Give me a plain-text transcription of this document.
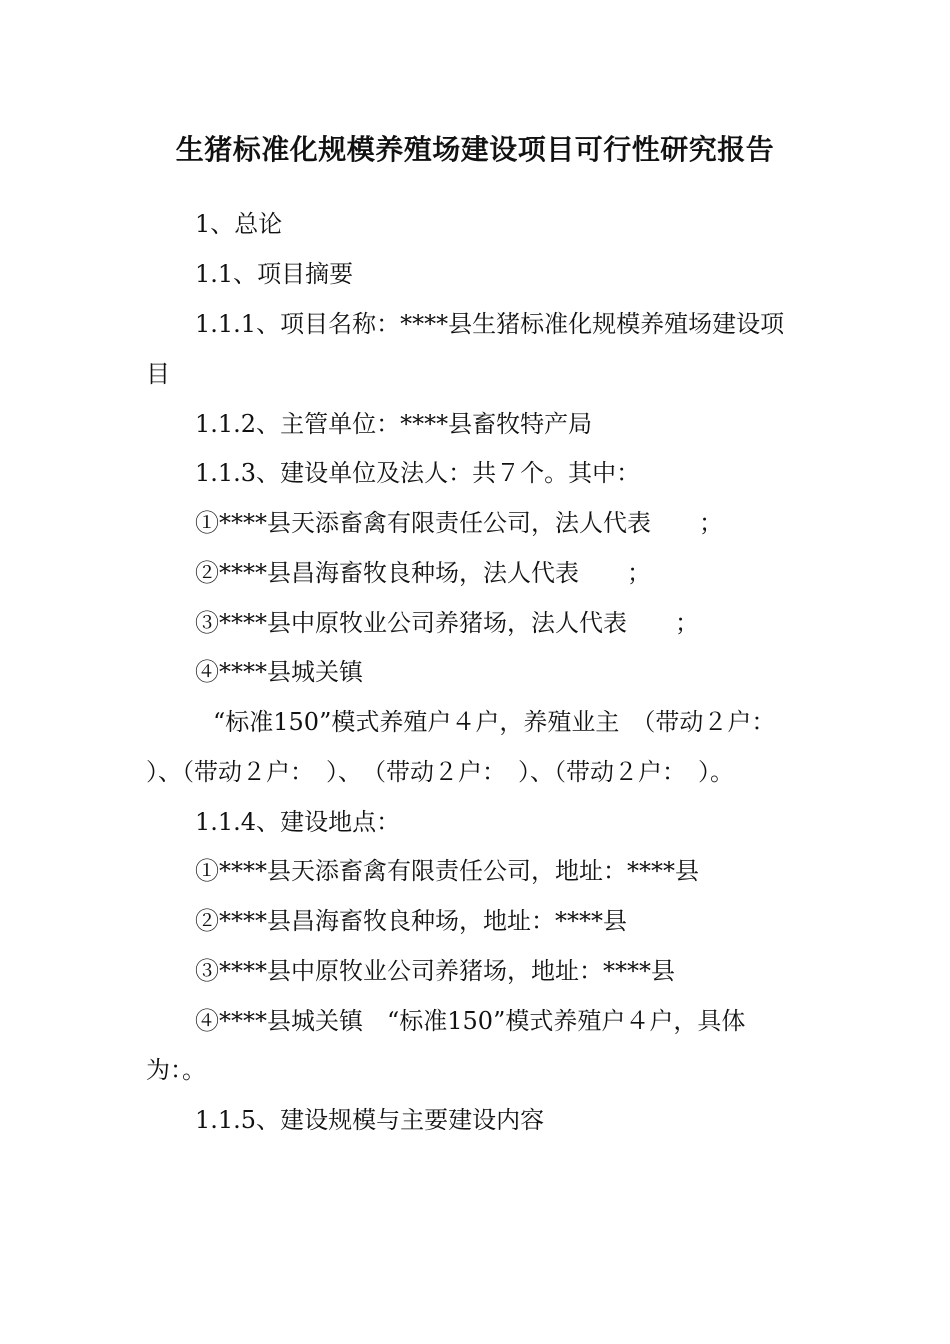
生猪标准化规模养殖场建设项目可行性研究报告
1、总论
1.1、项目摘要
1.1.1、项目名称：****县生猪标准化规模养殖场建设项
目
1.1.2、主管单位：****县畜牧特产局
1.1.3、建设单位及法人：共７个。其中：
①****县天添畜禽有限责任公司，法人代表　　；
②****县昌海畜牧良种场，法人代表　　；
③****县中原牧业公司养猪场，法人代表　　；
④****县城关镇
“标准150”模式养殖户４户，养殖业主　（带动２户：
）、（带动２户：　）、　（带动２户：　）、（带动２户：　）。
1.1.4、建设地点：
①****县天添畜禽有限责任公司，地址：****县
②****县昌海畜牧良种场，地址：****县
③****县中原牧业公司养猪场，地址：****县
④****县城关镇　“标准150”模式养殖户４户，具体
为：。
1.1.5、建设规模与主要建设内容
